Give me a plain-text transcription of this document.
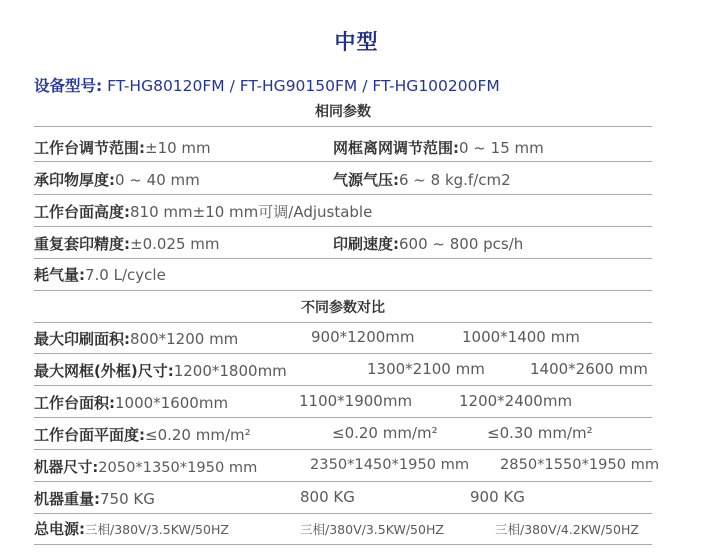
中型
设备型号: FT-HG80120FM / FT-HG90150FM / FT-HG100200FM
相同参数
工作台调节范围:±10 mm	网框离网调节范围:0 ~ 15 mm
承印物厚度:0 ~ 40 mm	气源气压:6 ~ 8 kg.f/cm2
工作台面高度:810 mm±10 mm可调/Adjustable
重复套印精度:±0.025 mm	印刷速度:600 ~ 800 pcs/h
耗气量:7.0 L/cycle
不同参数对比
最大印刷面积:800*1200 mm	900*1200mm	1000*1400 mm
最大网框(外框)尺寸:1200*1800mm	1300*2100 mm	1400*2600 mm
工作台面积:1000*1600mm	1100*1900mm	1200*2400mm
工作台面平面度:≤0.20 mm/m²	≤0.20 mm/m²	≤0.30 mm/m²
机器尺寸:2050*1350*1950 mm	2350*1450*1950 mm 2850*1550*1950 mm
机器重量:750 KG	800 KG	900 KG
总电源:三相/380V/3.5KW/50HZ	三相/380V/3.5KW/50HZ	三相/380V/4.2KW/50HZ
